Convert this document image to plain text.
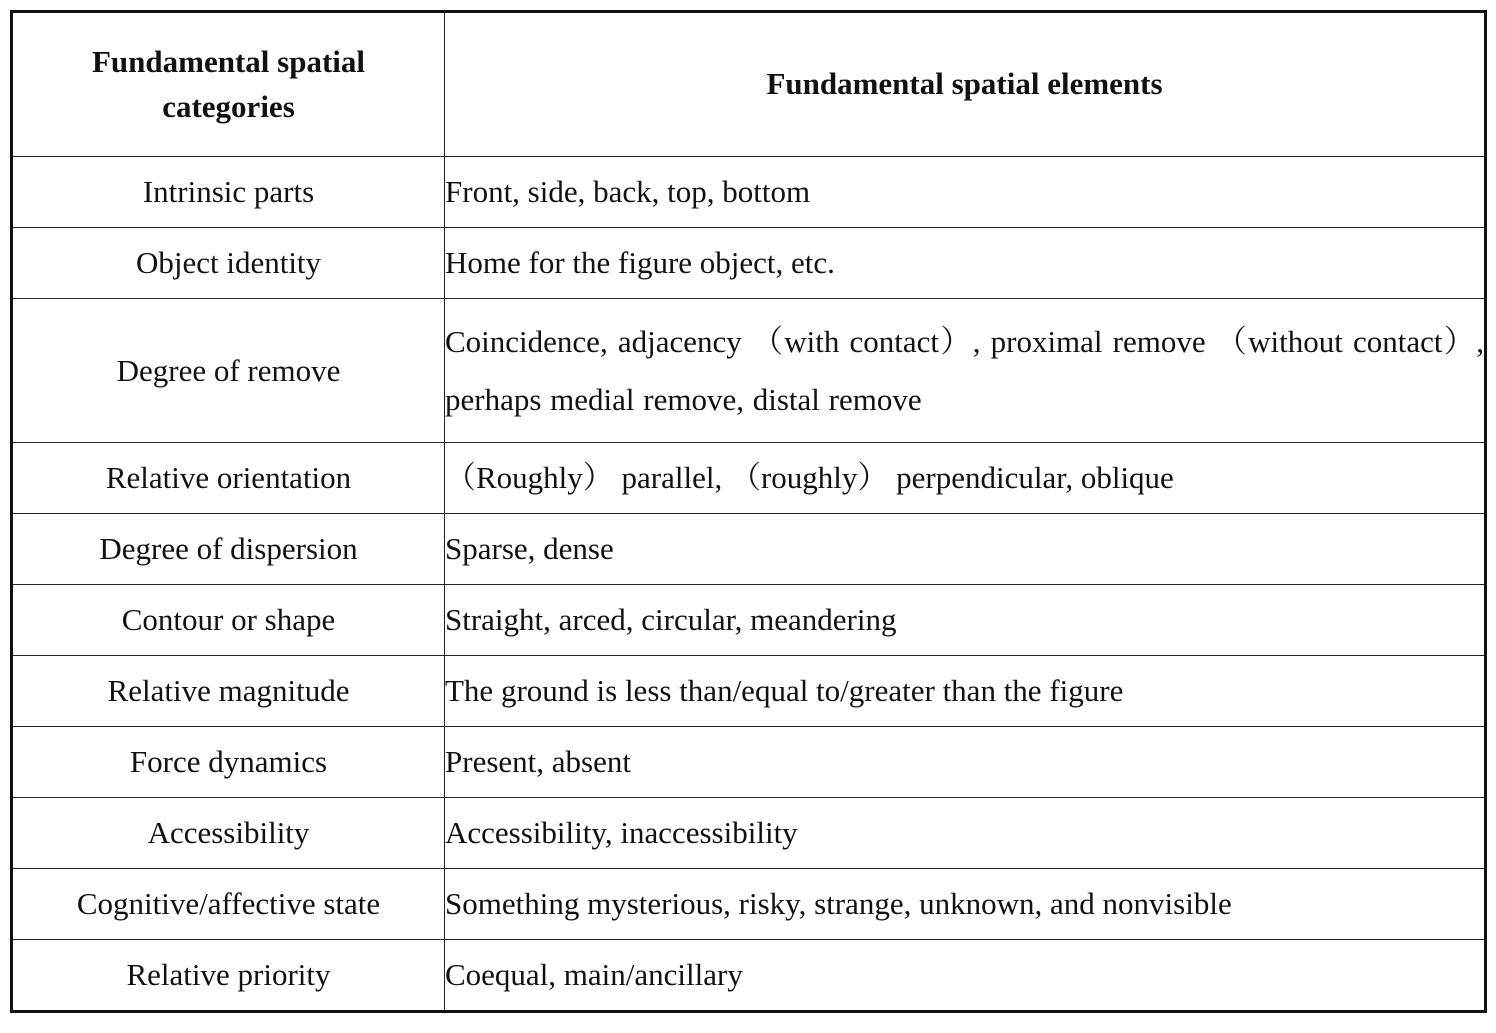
Fundamental spatial categories	Fundamental spatial elements
Intrinsic parts	Front, side, back, top, bottom
Object identity	Home for the figure object, etc.
Degree of remove	Coincidence, adjacency （with contact）, proximal remove （without contact）, perhaps medial remove, distal remove
Relative orientation	（Roughly） parallel, （roughly） perpendicular, oblique
Degree of dispersion	Sparse, dense
Contour or shape	Straight, arced, circular, meandering
Relative magnitude	The ground is less than/equal to/greater than the figure
Force dynamics	Present, absent
Accessibility	Accessibility, inaccessibility
Cognitive/affective state	Something mysterious, risky, strange, unknown, and nonvisible
Relative priority	Coequal, main/ancillary
